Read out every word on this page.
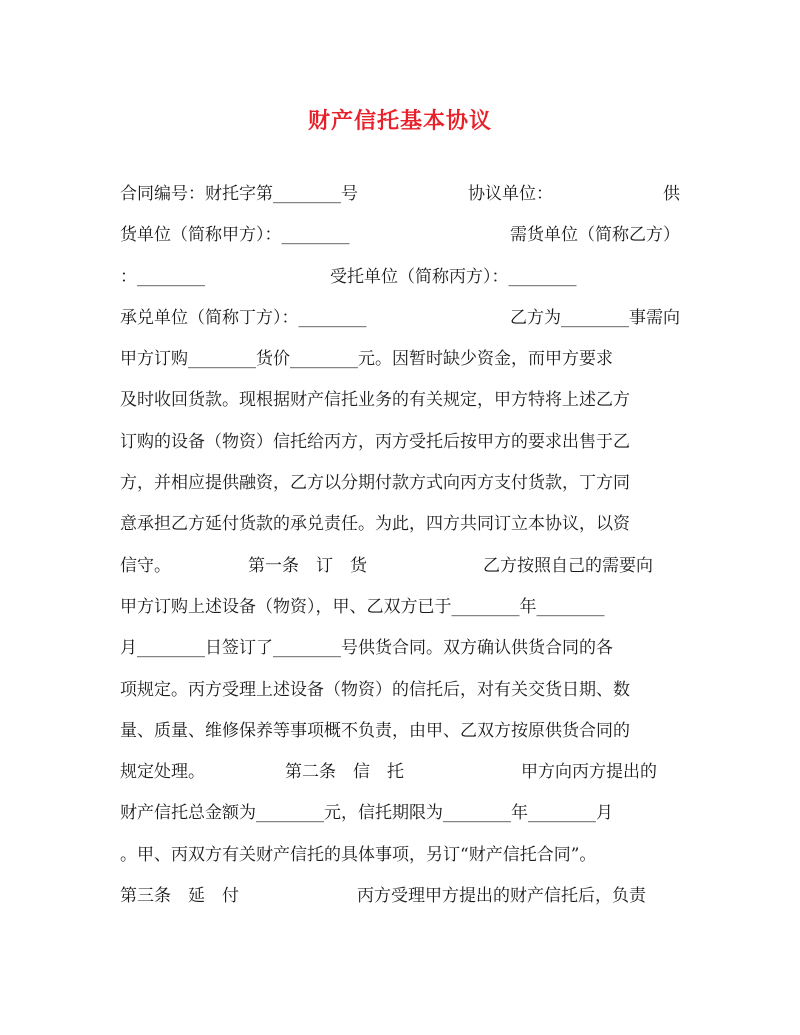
财产信托基本协议
合同编号：财托字第________号	协议单位：	供
货单位（简称甲方）：________	需货单位（简称乙方）
：________	受托单位（简称丙方）：________
承兑单位（简称丁方）：________	乙方为________事需向
甲方订购________货价________元。因暂时缺少资金，而甲方要求
及时收回货款。现根据财产信托业务的有关规定，甲方特将上述乙方
订购的设备（物资）信托给丙方，丙方受托后按甲方的要求出售于乙
方，并相应提供融资，乙方以分期付款方式向丙方支付货款，丁方同
意承担乙方延付货款的承兑责任。为此，四方共同订立本协议，以资
信守。	第一条　订　货	乙方按照自己的需要向
甲方订购上述设备（物资），甲、乙双方已于________年________
月________日签订了________号供货合同。双方确认供货合同的各
项规定。丙方受理上述设备（物资）的信托后，对有关交货日期、数
量、质量、维修保养等事项概不负责，由甲、乙双方按原供货合同的
规定处理。	第二条　信　托	甲方向丙方提出的
财产信托总金额为________元，信托期限为________年________月
。甲、丙双方有关财产信托的具体事项，另订“财产信托合同”。
第三条　延　付	丙方受理甲方提出的财产信托后，负责
